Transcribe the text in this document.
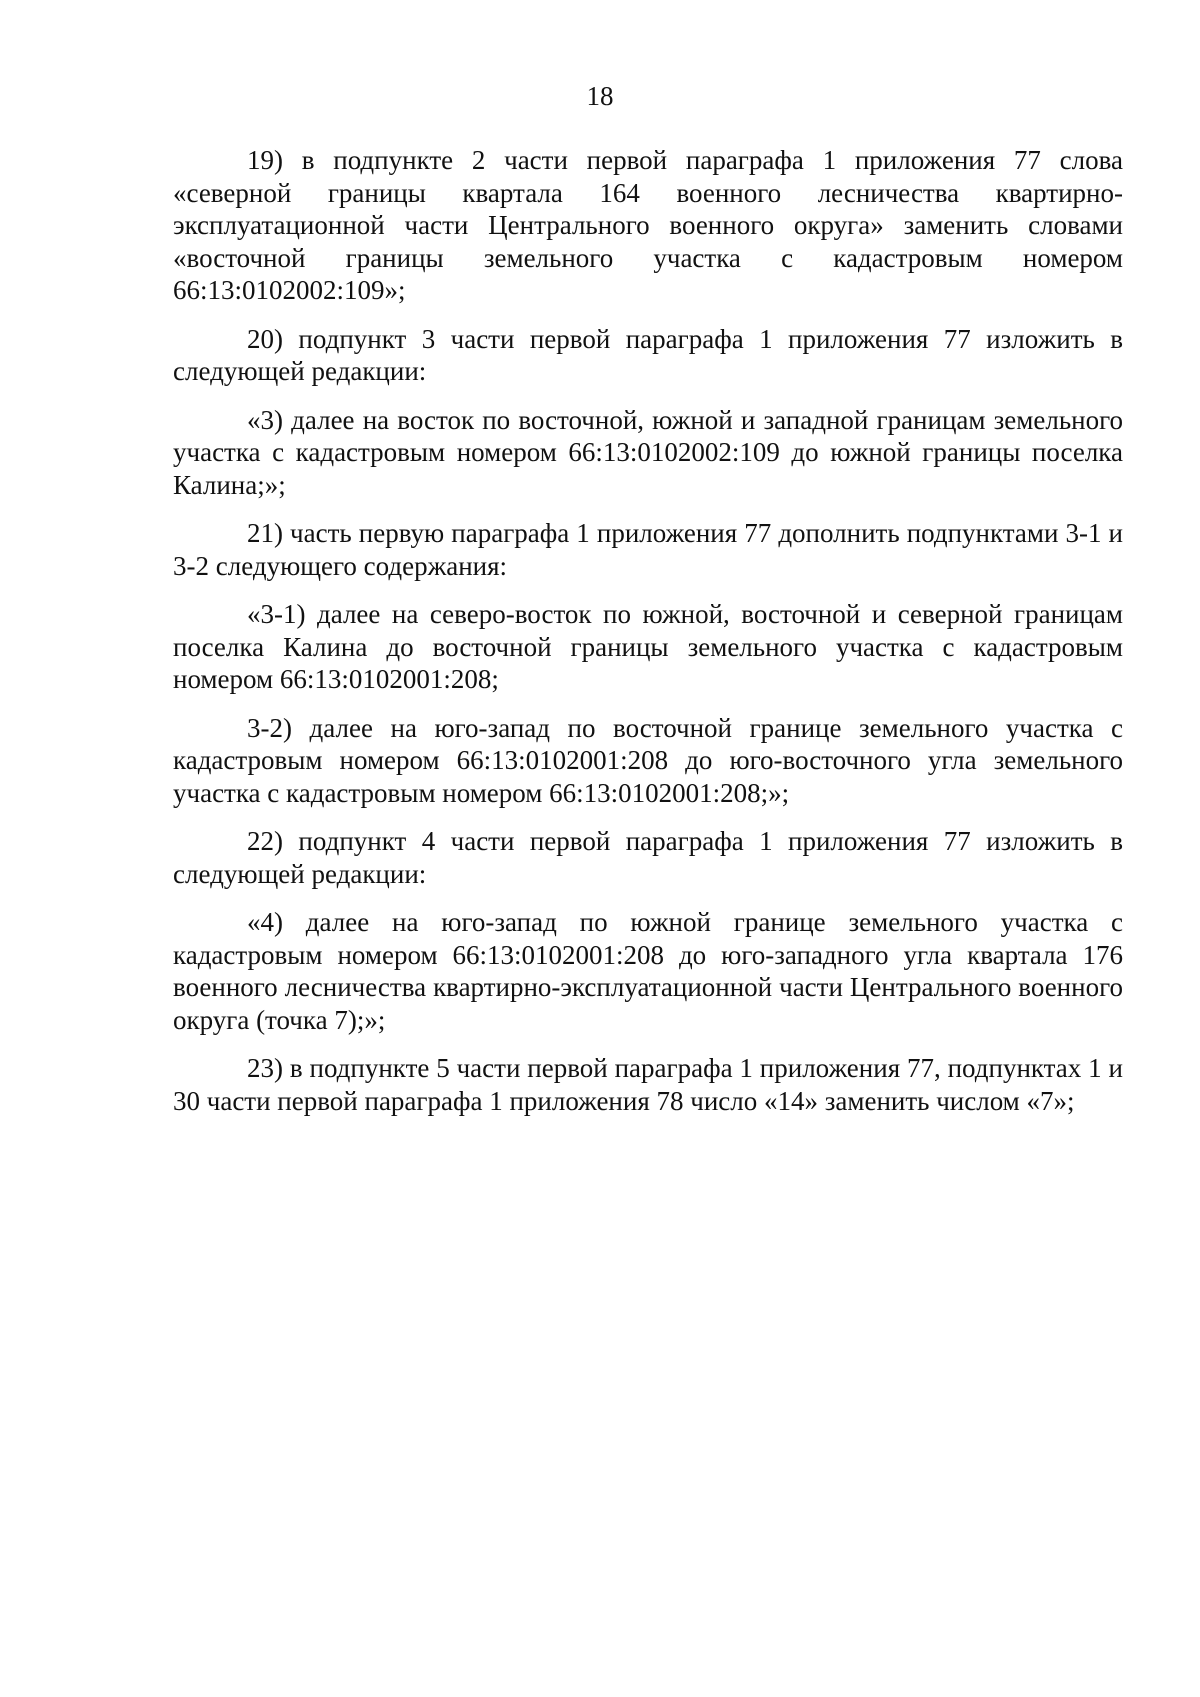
18

19) в подпункте 2 части первой параграфа 1 приложения 77 слова «северной границы квартала 164 военного лесничества квартирно-эксплуатационной части Центрального военного округа» заменить словами «восточной границы земельного участка с кадастровым номером 66:13:0102002:109»;

20) подпункт 3 части первой параграфа 1 приложения 77 изложить в следующей редакции:

«3) далее на восток по восточной, южной и западной границам земельного участка с кадастровым номером 66:13:0102002:109 до южной границы поселка Калина;»;

21) часть первую параграфа 1 приложения 77 дополнить подпунктами 3-1 и 3-2 следующего содержания:

«3-1) далее на северо-восток по южной, восточной и северной границам поселка Калина до восточной границы земельного участка с кадастровым номером 66:13:0102001:208;

3-2) далее на юго-запад по восточной границе земельного участка с кадастровым номером 66:13:0102001:208 до юго-восточного угла земельного участка с кадастровым номером 66:13:0102001:208;»;

22) подпункт 4 части первой параграфа 1 приложения 77 изложить в следующей редакции:

«4) далее на юго-запад по южной границе земельного участка с кадастровым номером 66:13:0102001:208 до юго-западного угла квартала 176 военного лесничества квартирно-эксплуатационной части Центрального военного округа (точка 7);»;

23) в подпункте 5 части первой параграфа 1 приложения 77, подпунктах 1 и 30 части первой параграфа 1 приложения 78 число «14» заменить числом «7»;
